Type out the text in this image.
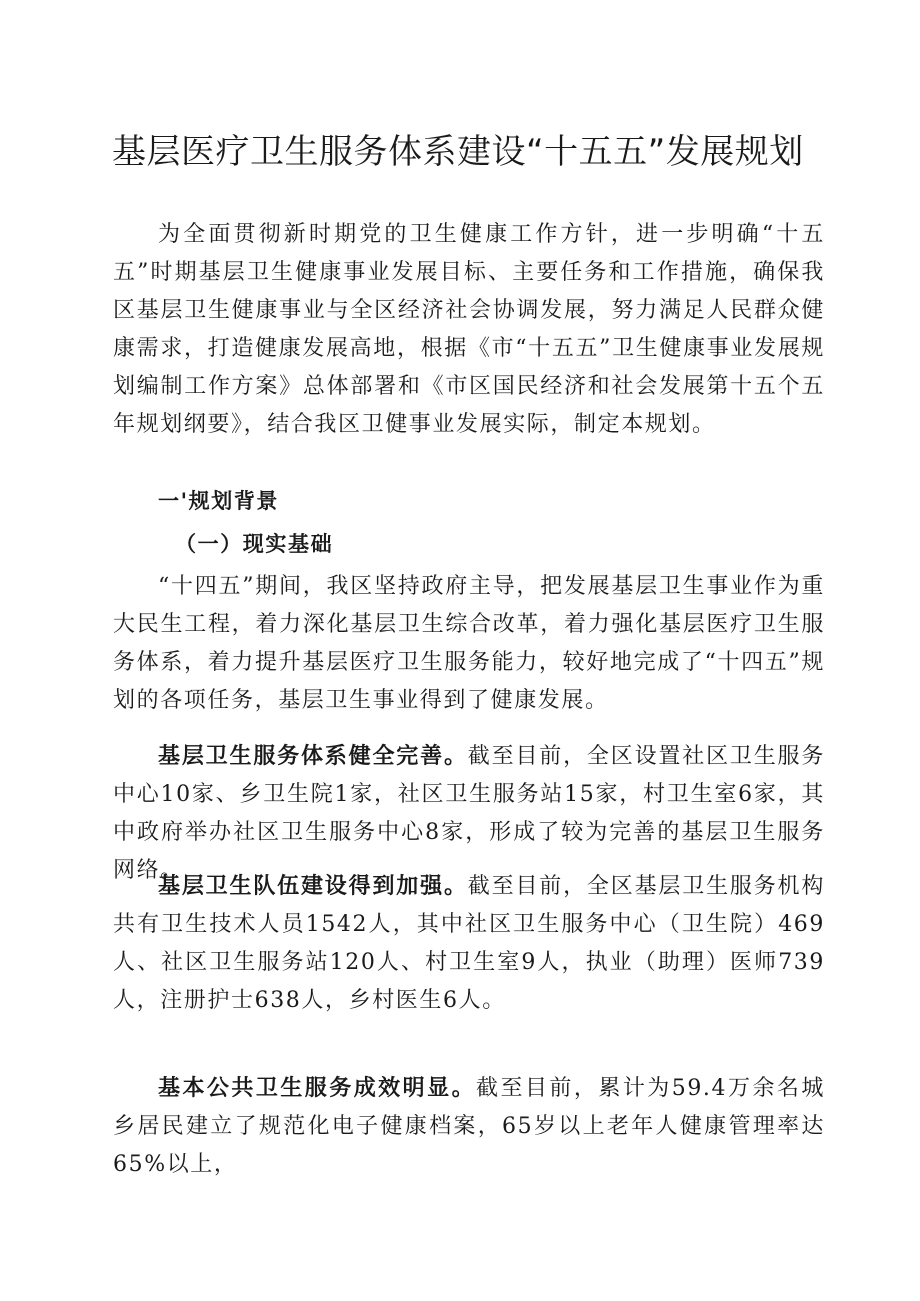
基层医疗卫生服务体系建设“十五五”发展规划

为全面贯彻新时期党的卫生健康工作方针，进一步明确“十五五”时期基层卫生健康事业发展目标、主要任务和工作措施，确保我区基层卫生健康事业与全区经济社会协调发展，努力满足人民群众健康需求，打造健康发展高地，根据《市“十五五”卫生健康事业发展规划编制工作方案》总体部署和《市区国民经济和社会发展第十五个五年规划纲要》，结合我区卫健事业发展实际，制定本规划。

一'规划背景

（一）现实基础

“十四五”期间，我区坚持政府主导，把发展基层卫生事业作为重大民生工程，着力深化基层卫生综合改革，着力强化基层医疗卫生服务体系，着力提升基层医疗卫生服务能力，较好地完成了“十四五”规划的各项任务，基层卫生事业得到了健康发展。

基层卫生服务体系健全完善。截至目前，全区设置社区卫生服务中心10家、乡卫生院1家，社区卫生服务站15家，村卫生室6家，其中政府举办社区卫生服务中心8家，形成了较为完善的基层卫生服务网络。

基层卫生队伍建设得到加强。截至目前，全区基层卫生服务机构共有卫生技术人员1542人，其中社区卫生服务中心（卫生院）469人、社区卫生服务站120人、村卫生室9人，执业（助理）医师739人，注册护士638人，乡村医生6人。

基本公共卫生服务成效明显。截至目前，累计为59.4万余名城乡居民建立了规范化电子健康档案，65岁以上老年人健康管理率达65%以上，
